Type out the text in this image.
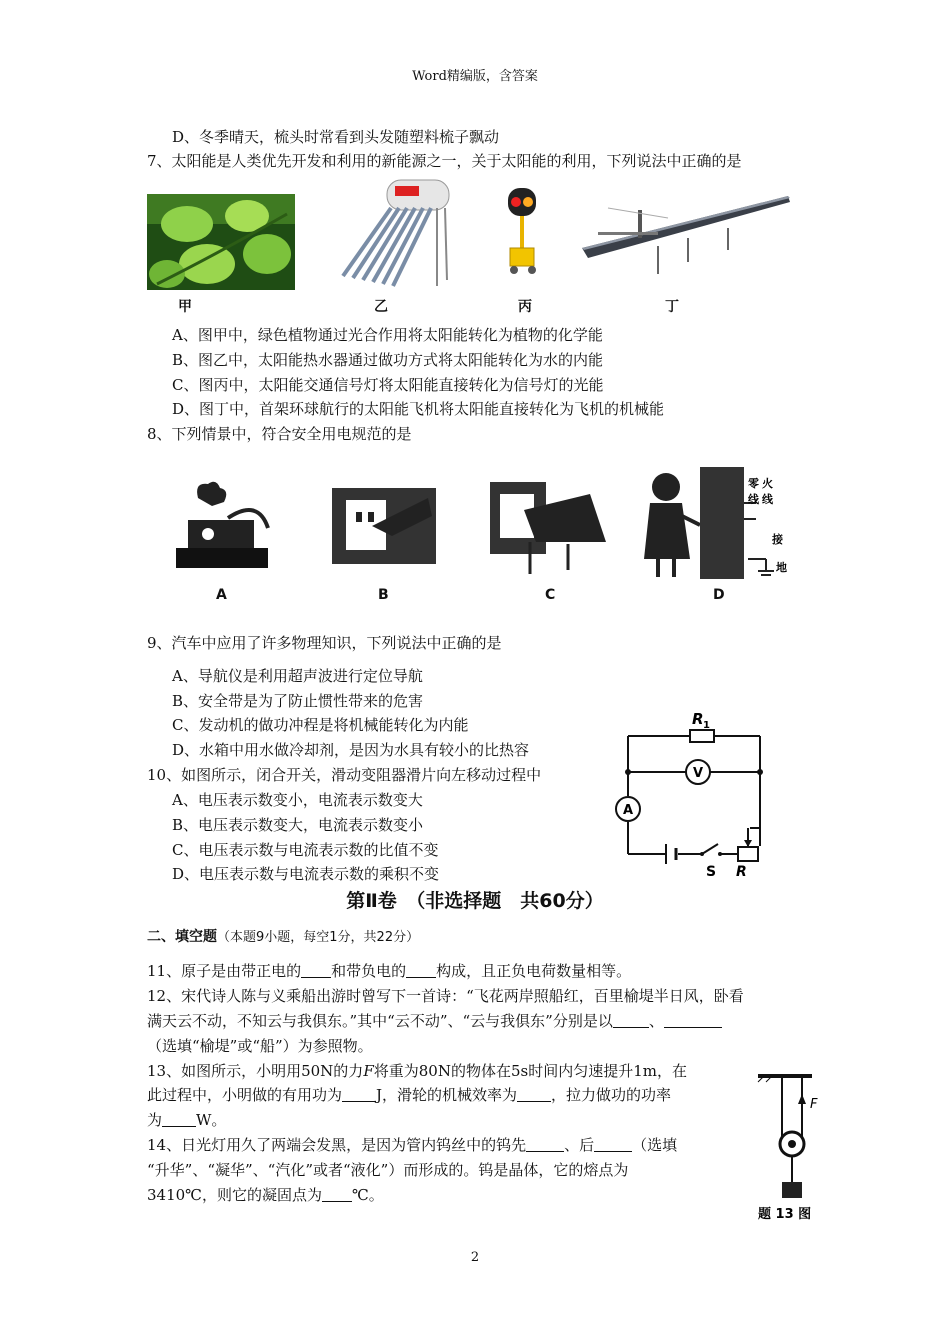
Word精编版，含答案
D、冬季晴天，梳头时常看到头发随塑料梳子飘动
7、太阳能是人类优先开发和利用的新能源之一，关于太阳能的利用，下列说法中正确的是
甲	乙	丙	丁
A、图甲中，绿色植物通过光合作用将太阳能转化为植物的化学能
B、图乙中，太阳能热水器通过做功方式将太阳能转化为水的内能
C、图丙中，太阳能交通信号灯将太阳能直接转化为信号灯的光能
D、图丁中，首架环球航行的太阳能飞机将太阳能直接转化为飞机的机械能
8、下列情景中，符合安全用电规范的是
零 火
线 线
接
地
A	B	C	D
9、汽车中应用了许多物理知识，下列说法中正确的是
A、导航仪是利用超声波进行定位导航
B、安全带是为了防止惯性带来的危害
C、发动机的做功冲程是将机械能转化为内能
D、水箱中用水做冷却剂，是因为水具有较小的比热容
10、如图所示，闭合开关，滑动变阻器滑片向左移动过程中
A、电压表示数变小，电流表示数变大
B、电压表示数变大，电流表示数变小
C、电压表示数与电流表示数的比值不变
D、电压表示数与电流表示数的乘积不变
R 1
V
A
S R
第Ⅱ卷　（非选择题　共60分）
二、填空题（本题9小题，每空1分，共22分）
11、原子是由带正电的 和带负电的 构成，且正负电荷数量相等。
12、宋代诗人陈与义乘船出游时曾写下一首诗：“飞花两岸照船红，百里榆堤半日风，卧看
满天云不动，不知云与我俱东。”其中“云不动”、“云与我俱东”分别是以 、
（选填“榆堤”或“船”）为参照物。
13、如图所示，小明用50N的力F将重为80N的物体在5s时间内匀速提升1m，在
此过程中，小明做的有用功为 J，滑轮的机械效率为 ，拉力做功的功率
为 W。
F
题 13 图
14、日光灯用久了两端会发黑，是因为管内钨丝中的钨先	、后	（选填
“升华”、“凝华”、“汽化”或者“液化”）而形成的。钨是晶体，它的熔点为
3410℃，则它的凝固点为 ℃。
2
